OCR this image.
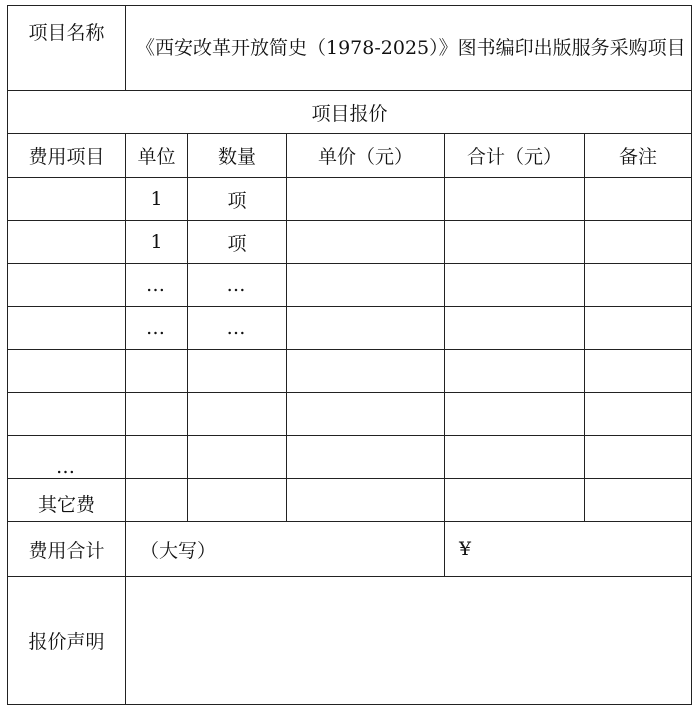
项目名称	《西安改革开放简史（1978-2025）》图书编印出版服务采购项目				
项目报价					
费用项目	单位	数量	单价（元）	合计（元）	备注
	1	项			
	1	项			
	…	…			
	…	…			

…					
其它费					
费用合计	（大写）			¥	
报价声明					
